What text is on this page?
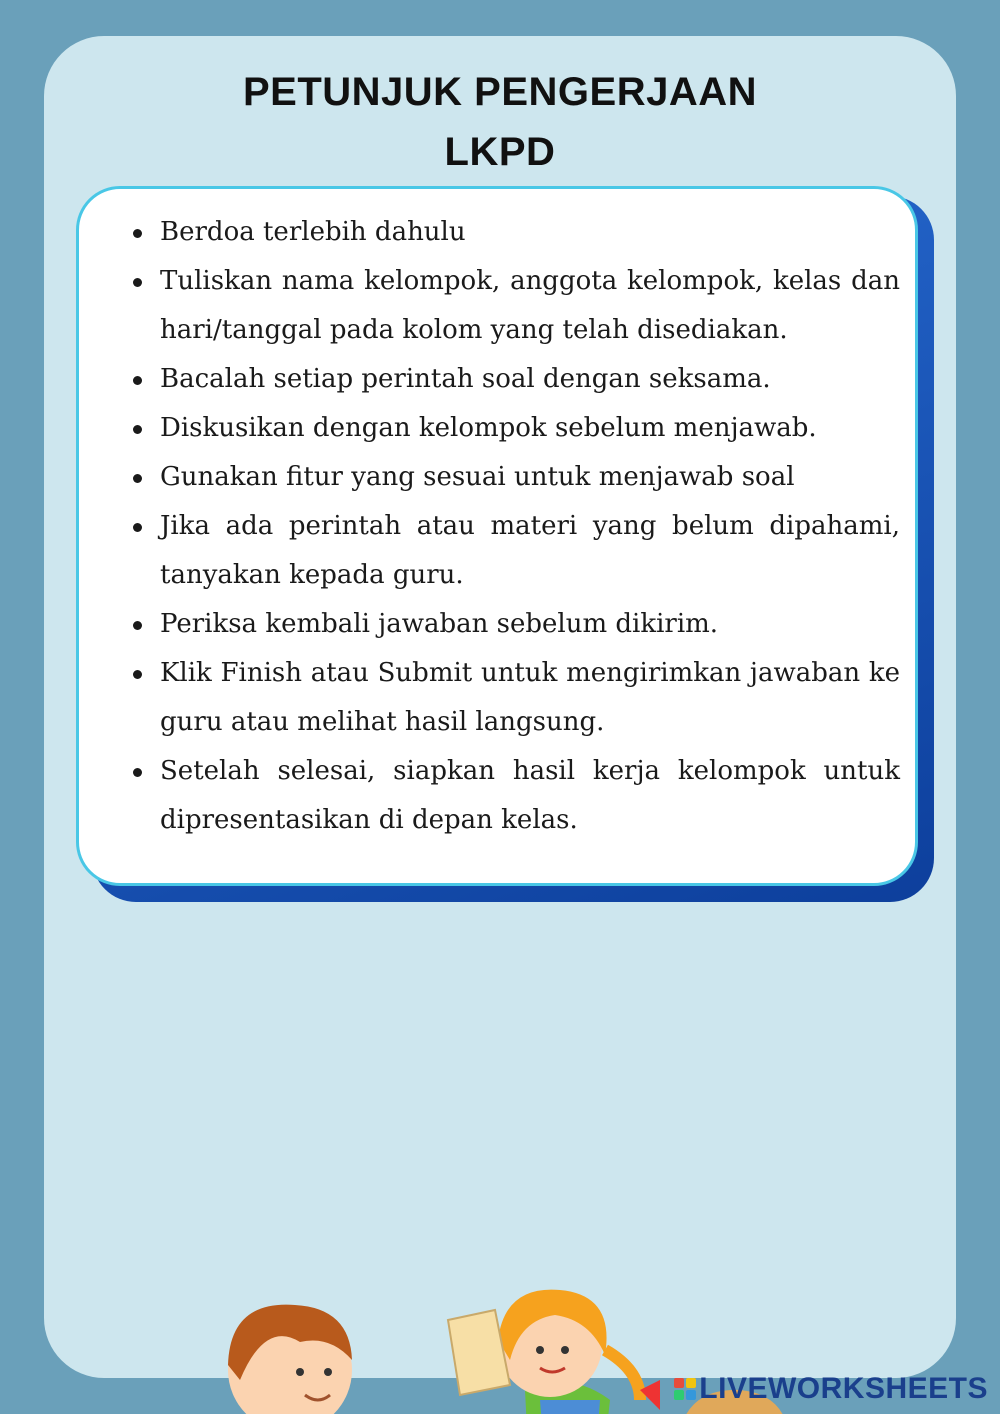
PETUNJUK PENGERJAAN
LKPD
Berdoa terlebih dahulu
Tuliskan nama kelompok, anggota kelompok, kelas dan hari/tanggal pada kolom yang telah disediakan.
Bacalah setiap perintah soal dengan seksama.
Diskusikan dengan kelompok sebelum menjawab.
Gunakan fitur yang sesuai untuk menjawab soal
Jika ada perintah atau materi yang belum dipahami, tanyakan kepada guru.
Periksa kembali jawaban sebelum dikirim.
Klik Finish atau Submit untuk mengirimkan jawaban ke guru atau melihat hasil langsung.
Setelah selesai, siapkan hasil kerja kelompok untuk dipresentasikan di depan kelas.
LIVEWORKSHEETS
